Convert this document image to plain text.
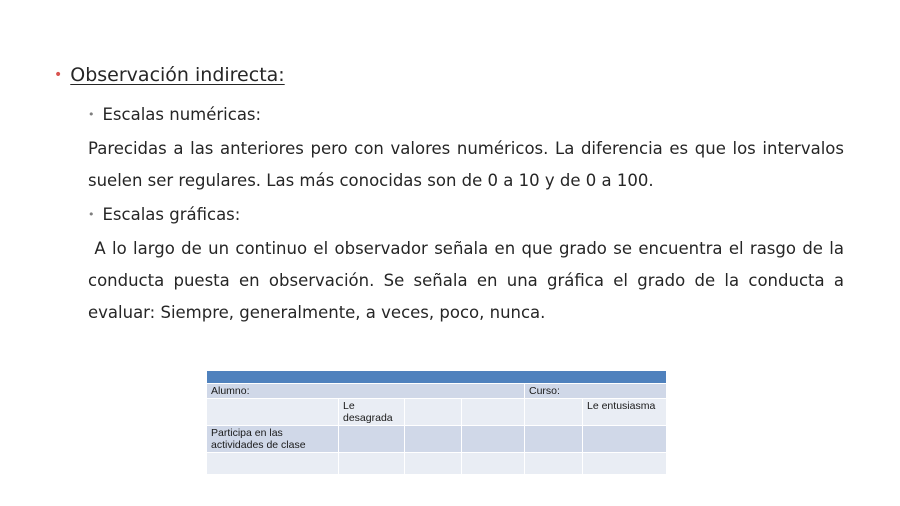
• Observación indirecta:
• Escalas numéricas:
Parecidas a las anteriores pero con valores numéricos. La diferencia es que los intervalos suelen ser regulares. Las más conocidas son de 0 a 10 y de 0 a 100.
• Escalas gráficas:
A lo largo de un continuo el observador señala en que grado se encuentra el rasgo de la conducta puesta en observación. Se señala en una gráfica el grado de la conducta a evaluar: Siempre, generalmente, a veces, poco, nunca.

Alumno:				Curso:	
	Le desagrada				Le entusiasma
Participa en las actividades de clase					
